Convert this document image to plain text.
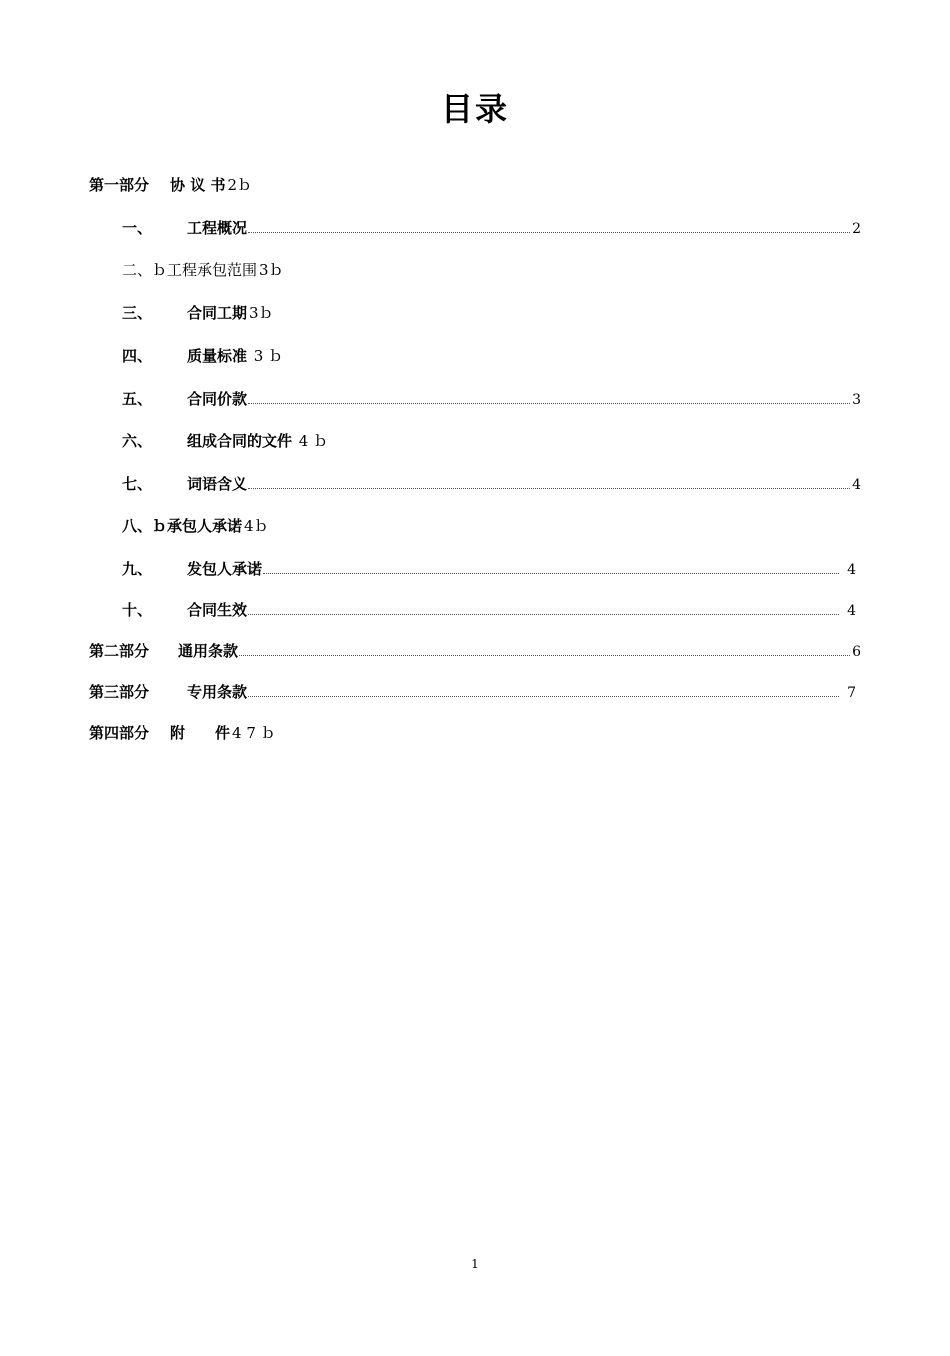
目录
第一部分	协 议 书 2ｂ
一、	工程概况	2
二、ｂ 工程承包范围 3ｂ
三、	合同工期 3ｂ
四、	质量标准 3 ｂ
五、	合同价款	3
六、	组成合同的文件 4 ｂ
七、	词语含义	4
八、ｂ 承包人承诺 4ｂ
九、	发包人承诺	4
十、	合同生效	4
第二部分	通用条款	6
第三部分	专用条款	7
第四部分	附　　件 4 7 ｂ
1
